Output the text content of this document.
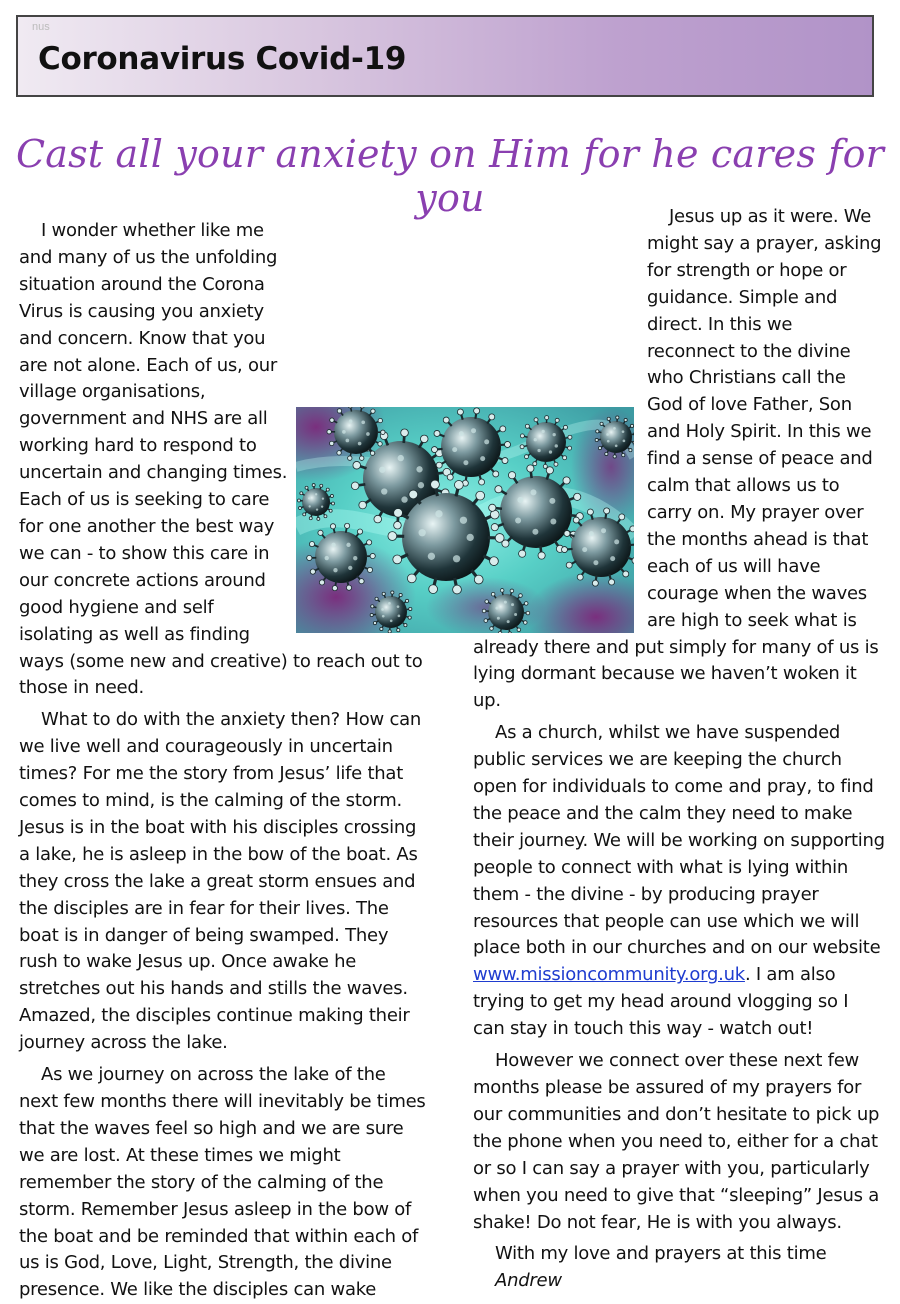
nus
Coronavirus Covid-19
Cast all your anxiety on Him for he cares for you

I wonder whether like me and many of us the unfolding situation around the Corona Virus is causing you anxiety and concern. Know that you are not alone. Each of us, our village organisations, government and NHS are all working hard to respond to uncertain and changing times. Each of us is seeking to care for one another the best way we can - to show this care in our concrete actions around good hygiene and self isolating as well as finding ways (some new and creative) to reach out to those in need.

What to do with the anxiety then? How can we live well and courageously in uncertain times? For me the story from Jesus’ life that comes to mind, is the calming of the storm. Jesus is in the boat with his disciples crossing a lake, he is asleep in the bow of the boat. As they cross the lake a great storm ensues and the disciples are in fear for their lives. The boat is in danger of being swamped. They rush to wake Jesus up. Once awake he stretches out his hands and stills the waves. Amazed, the disciples continue making their journey across the lake.

As we journey on across the lake of the next few months there will inevitably be times that the waves feel so high and we are sure we are lost. At these times we might remember the story of the calming of the storm. Remember Jesus asleep in the bow of the boat and be reminded that within each of us is God, Love, Light, Strength, the divine presence. We like the disciples can wake

Jesus up as it were. We might say a prayer, asking for strength or hope or guidance. Simple and direct. In this we reconnect to the divine who Christians call the God of love Father, Son and Holy Spirit. In this we find a sense of peace and calm that allows us to carry on. My prayer over the months ahead is that each of us will have courage when the waves are high to seek what is already there and put simply for many of us is lying dormant because we haven’t woken it up.

As a church, whilst we have suspended public services we are keeping the church open for individuals to come and pray, to find the peace and the calm they need to make their journey. We will be working on supporting people to connect with what is lying within them - the divine - by producing prayer resources that people can use which we will place both in our churches and on our website www.missioncommunity.org.uk. I am also trying to get my head around vlogging so I can stay in touch this way - watch out!

However we connect over these next few months please be assured of my prayers for our communities and don’t hesitate to pick up the phone when you need to, either for a chat or so I can say a prayer with you, particularly when you need to give that “sleeping” Jesus a shake! Do not fear, He is with you always.

With my love and prayers at this time

Andrew
